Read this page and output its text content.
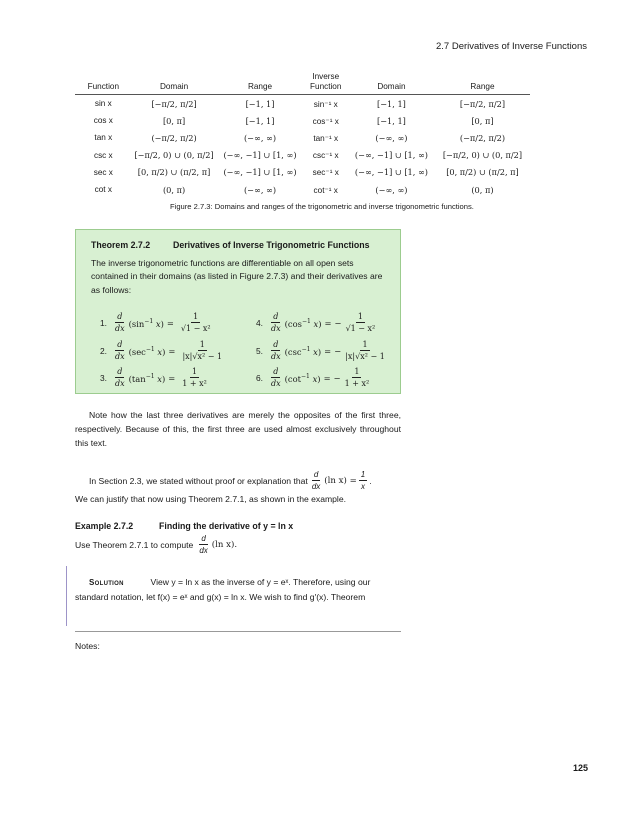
2.7 Derivatives of Inverse Functions
Function	Domain	Range	Inverse Function	Domain	Range
sin x	[−π/2, π/2]	[−1, 1]	sin⁻¹ x	[−1, 1]	[−π/2, π/2]
cos x	[0, π]	[−1, 1]	cos⁻¹ x	[−1, 1]	[0, π]
tan x	(−π/2, π/2)	(−∞, ∞)	tan⁻¹ x	(−∞, ∞)	(−π/2, π/2)
csc x	[−π/2, 0) ∪ (0, π/2]	(−∞, −1] ∪ [1, ∞)	csc⁻¹ x	(−∞, −1] ∪ [1, ∞)	[−π/2, 0) ∪ (0, π/2]
sec x	[0, π/2) ∪ (π/2, π]	(−∞, −1] ∪ [1, ∞)	sec⁻¹ x	(−∞, −1] ∪ [1, ∞)	[0, π/2) ∪ (π/2, π]
cot x	(0, π)	(−∞, ∞)	cot⁻¹ x	(−∞, ∞)	(0, π)
Figure 2.7.3: Domains and ranges of the trigonometric and inverse trigonometric functions.
Theorem 2.7.2	Derivatives of Inverse Trigonometric Functions
The inverse trigonometric functions are differentiable on all open sets contained in their domains (as listed in Figure 2.7.3) and their derivatives are as follows:
1. $\frac{d}{dx} (\sin^{-1}$ $x) = \frac{1}{\text{√1 − x²}}$
2. $\frac{d}{dx} (\sec^{-1}$ $x) = \frac{1}{\text{|x|√x² − 1}}$
3. $\frac{d}{dx} (\tan^{-1}$ $x) = \frac{1}{\text{1 + x²}}$
4. $\frac{d}{dx} (\cos^{-1}$ x) = − $\frac{1}{\text{√1 − x²}}$
5. $\frac{d}{dx} (\csc^{-1}$ x) = − $\frac{1}{\text{|x|√x² − 1}}$
6. $\frac{d}{dx} (\cot^{-1}$ x) = − $\frac{1}{\text{1 + x²}}$
Note how the last three derivatives are merely the opposites of the first three, respectively. Because of this, the first three are used almost exclusively throughout this text.
In Section 2.3, we stated without proof or explanation that $\frac{d}{dx} (\ln$ $x) = \frac{1}{x}$ .
We can justify that now using Theorem 2.7.1, as shown in the example.
Example 2.7.2	Finding the derivative of y = ln x
Use Theorem 2.7.1 to compute $\frac{d}{dx} (\ln$ x).
Solution	View y = ln x as the inverse of y = eˣ. Therefore, using our
standard notation, let f(x) = eˣ and g(x) = ln x. We wish to find g′(x). Theorem
Notes:
125
